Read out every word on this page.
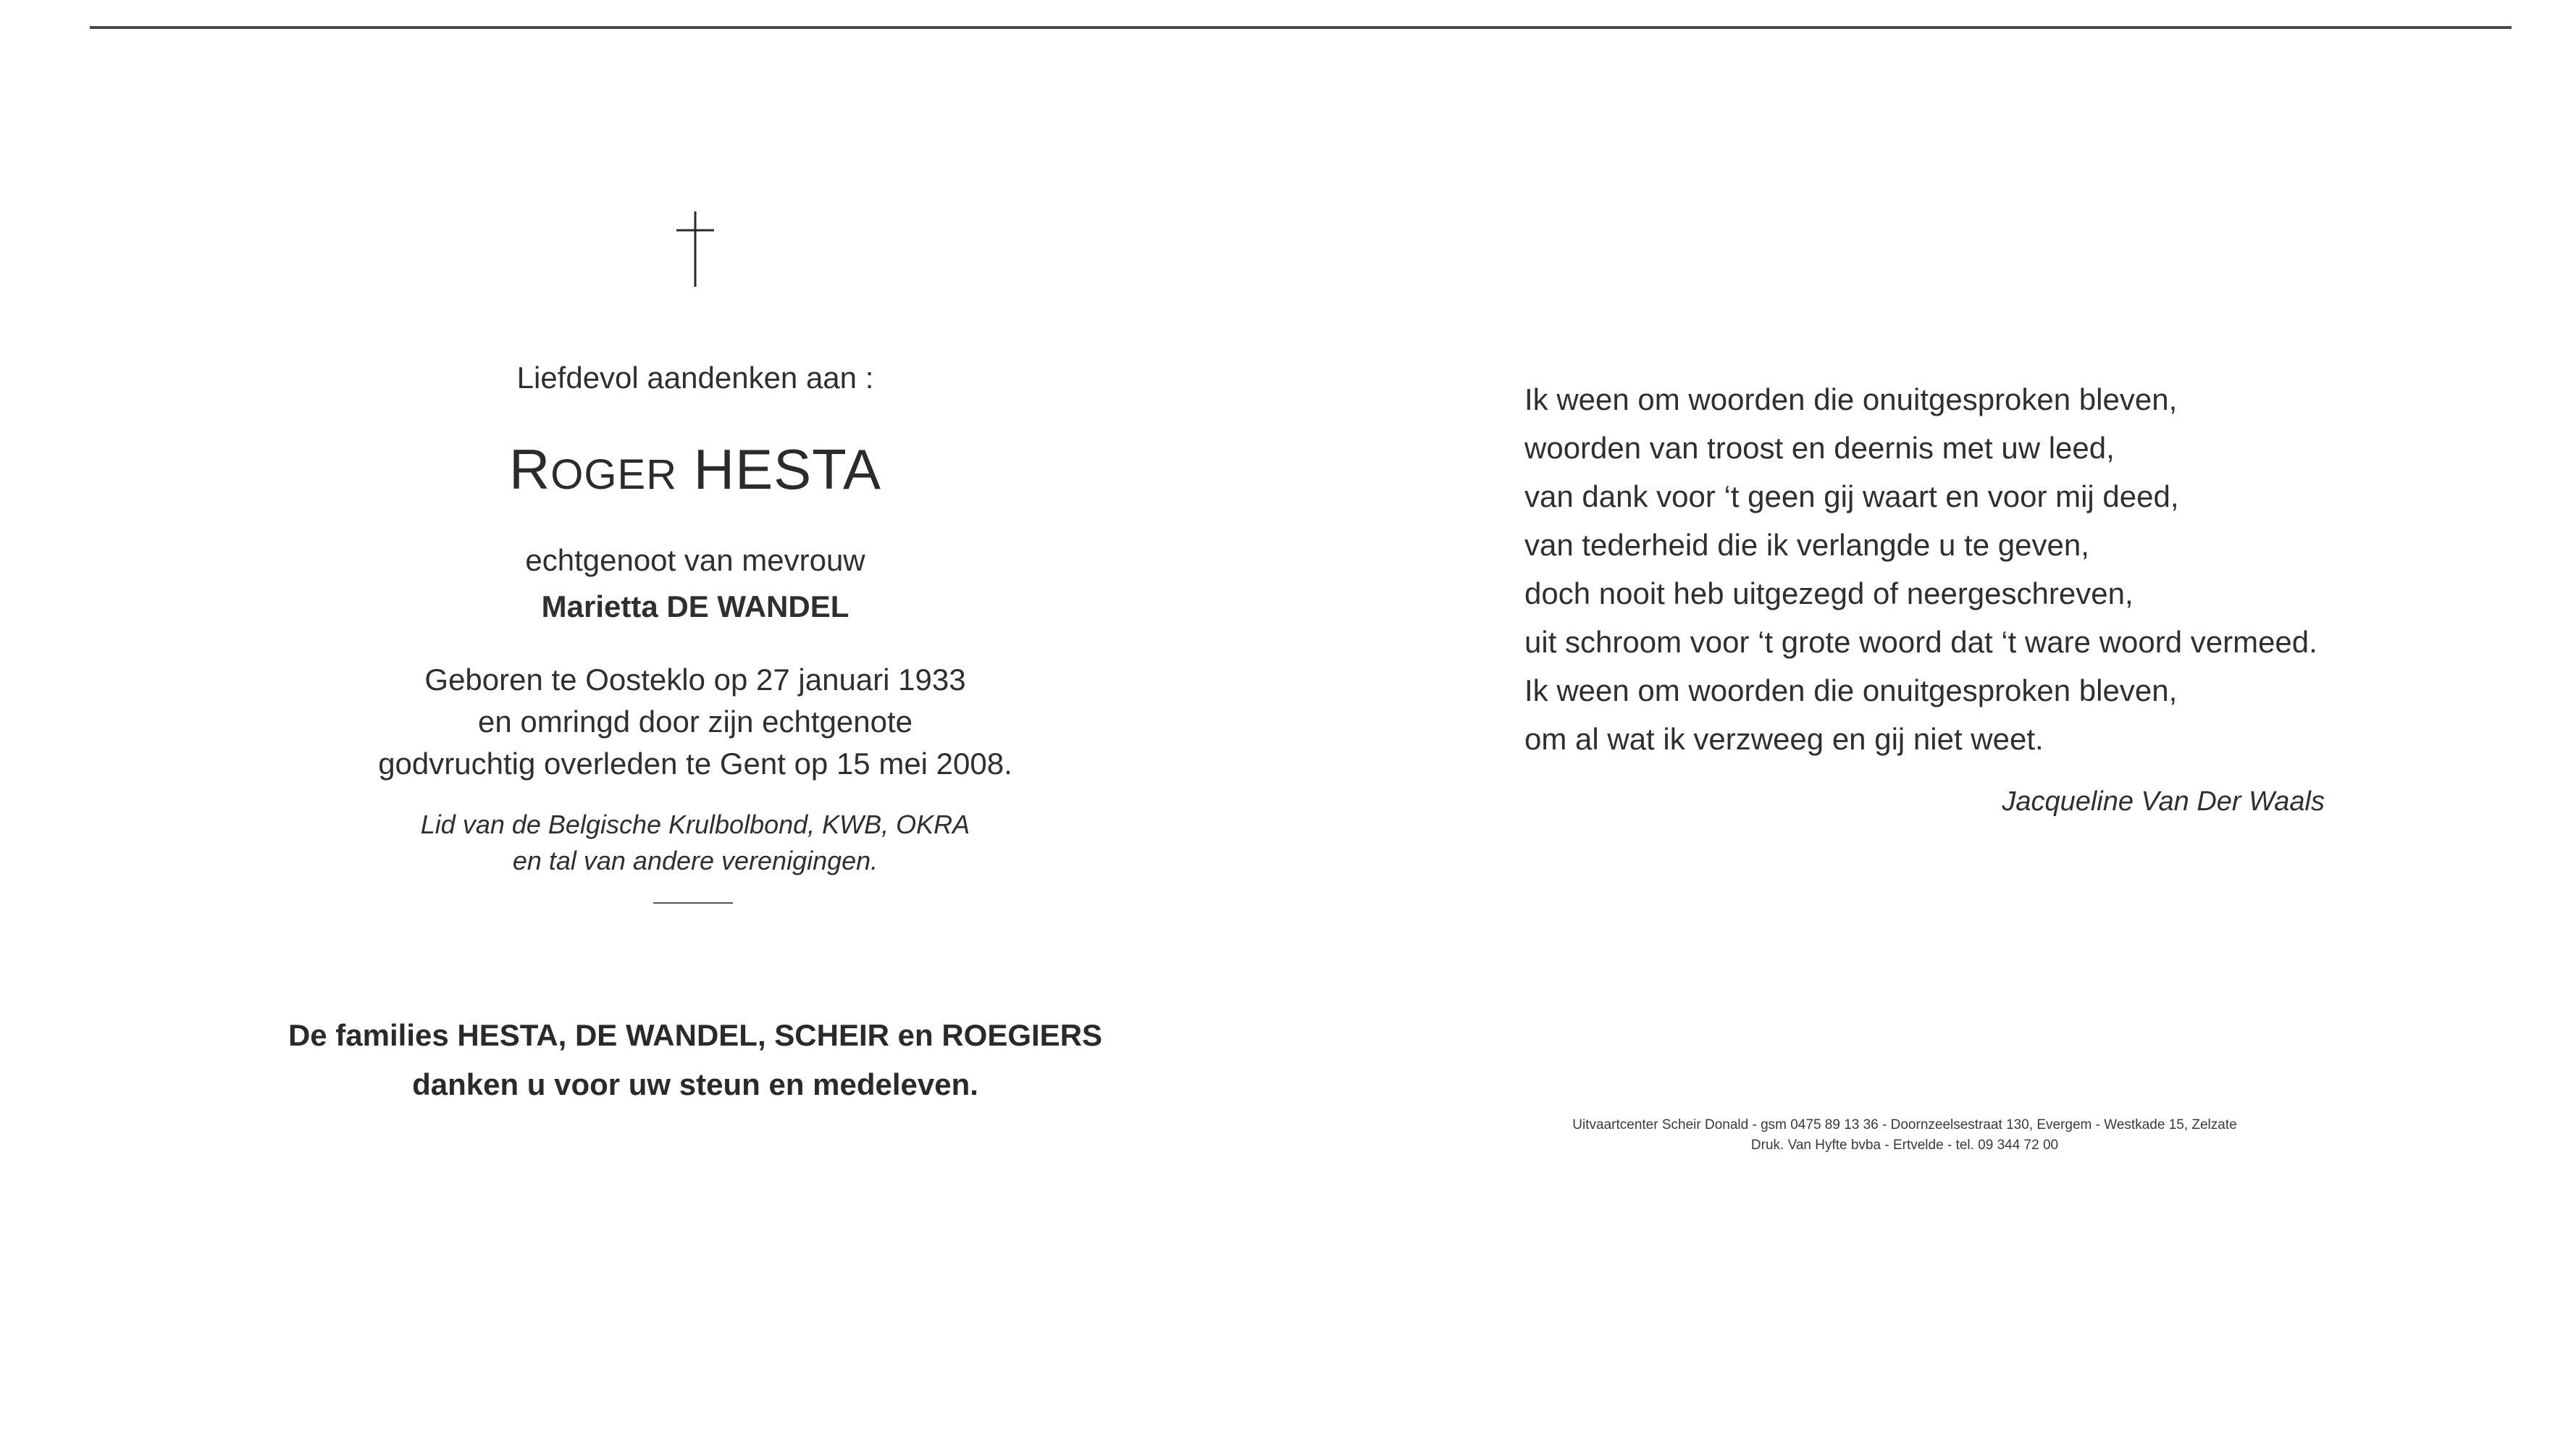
Liefdevol aandenken aan :
ROGER HESTA
echtgenoot van mevrouw
Marietta DE WANDEL
Geboren te Oosteklo op 27 januari 1933
en omringd door zijn echtgenote
godvruchtig overleden te Gent op 15 mei 2008.
Lid van de Belgische Krulbolbond, KWB, OKRA
en tal van andere verenigingen.
De families HESTA, DE WANDEL, SCHEIR en ROEGIERS
danken u voor uw steun en medeleven.
Ik ween om woorden die onuitgesproken bleven,
woorden van troost en deernis met uw leed,
van dank voor ‘t geen gij waart en voor mij deed,
van tederheid die ik verlangde u te geven,
doch nooit heb uitgezegd of neergeschreven,
uit schroom voor ‘t grote woord dat ‘t ware woord vermeed.
Ik ween om woorden die onuitgesproken bleven,
om al wat ik verzweeg en gij niet weet.
Jacqueline Van Der Waals
Uitvaartcenter Scheir Donald - gsm 0475 89 13 36 - Doornzeelsestraat 130, Evergem - Westkade 15, Zelzate
Druk. Van Hyfte bvba - Ertvelde - tel. 09 344 72 00
